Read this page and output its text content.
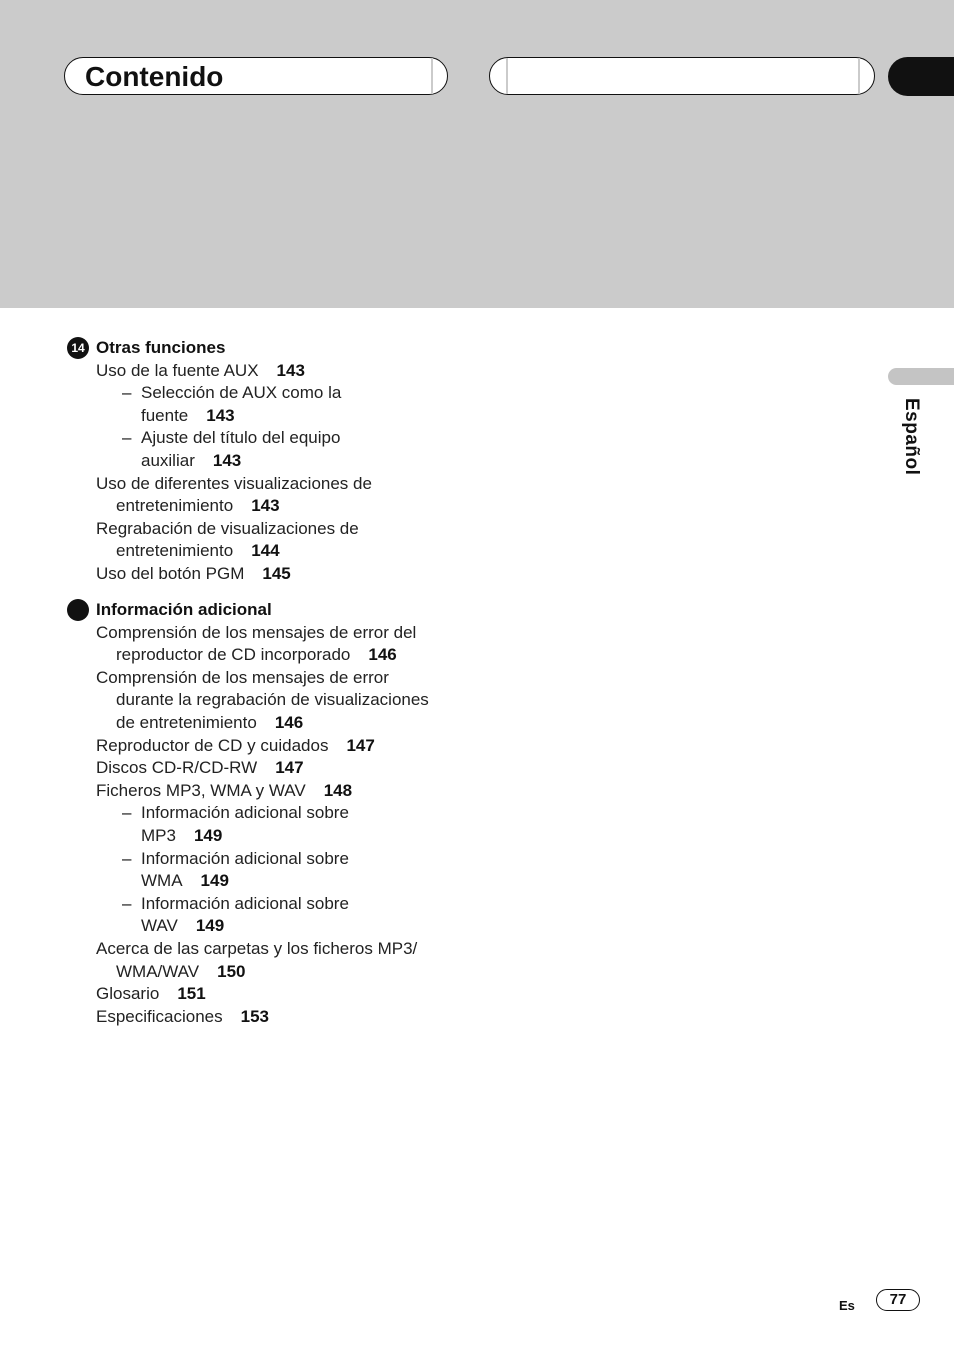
Contenido
Español
14 Otras funciones
Uso de la fuente AUX 143
– Selección de AUX como la
fuente 143
– Ajuste del título del equipo
auxiliar 143
Uso de diferentes visualizaciones de
entretenimiento 143
Regrabación de visualizaciones de
entretenimiento 144
Uso del botón PGM 145
Información adicional
Comprensión de los mensajes de error del
reproductor de CD incorporado 146
Comprensión de los mensajes de error
durante la regrabación de visualizaciones
de entretenimiento 146
Reproductor de CD y cuidados 147
Discos CD-R/CD-RW 147
Ficheros MP3, WMA y WAV 148
– Información adicional sobre
MP3 149
– Información adicional sobre
WMA 149
– Información adicional sobre
WAV 149
Acerca de las carpetas y los ficheros MP3/
WMA/WAV 150
Glosario 151
Especificaciones 153
Es	77
